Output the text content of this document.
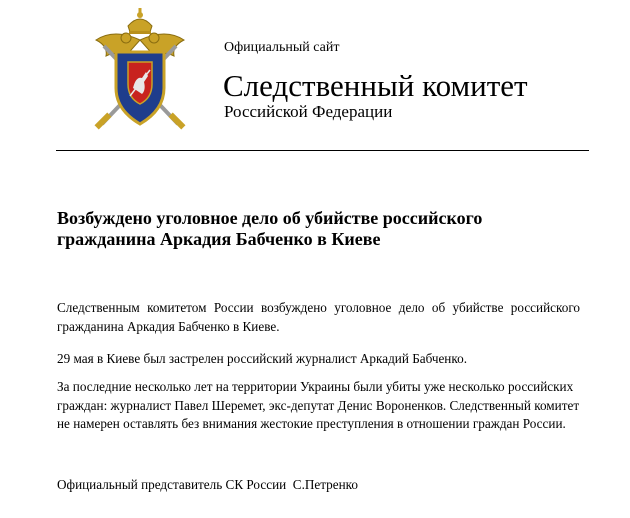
Официальный сайт
Следственный комитет
Российской Федерации
Возбуждено уголовное дело об убийстве российского
гражданина Аркадия Бабченко в Киеве
Следственным комитетом России возбуждено уголовное дело об убийстве российского гражданина Аркадия Бабченко в Киеве.
29 мая в Киеве был застрелен российский журналист Аркадий Бабченко.
За последние несколько лет на территории Украины были убиты уже несколько российских
граждан: журналист Павел Шеремет, экс-депутат Денис Вороненков. Следственный комитет
не намерен оставлять без внимания жестокие преступления в отношении граждан России.
Официальный представитель СК России  С.Петренко
